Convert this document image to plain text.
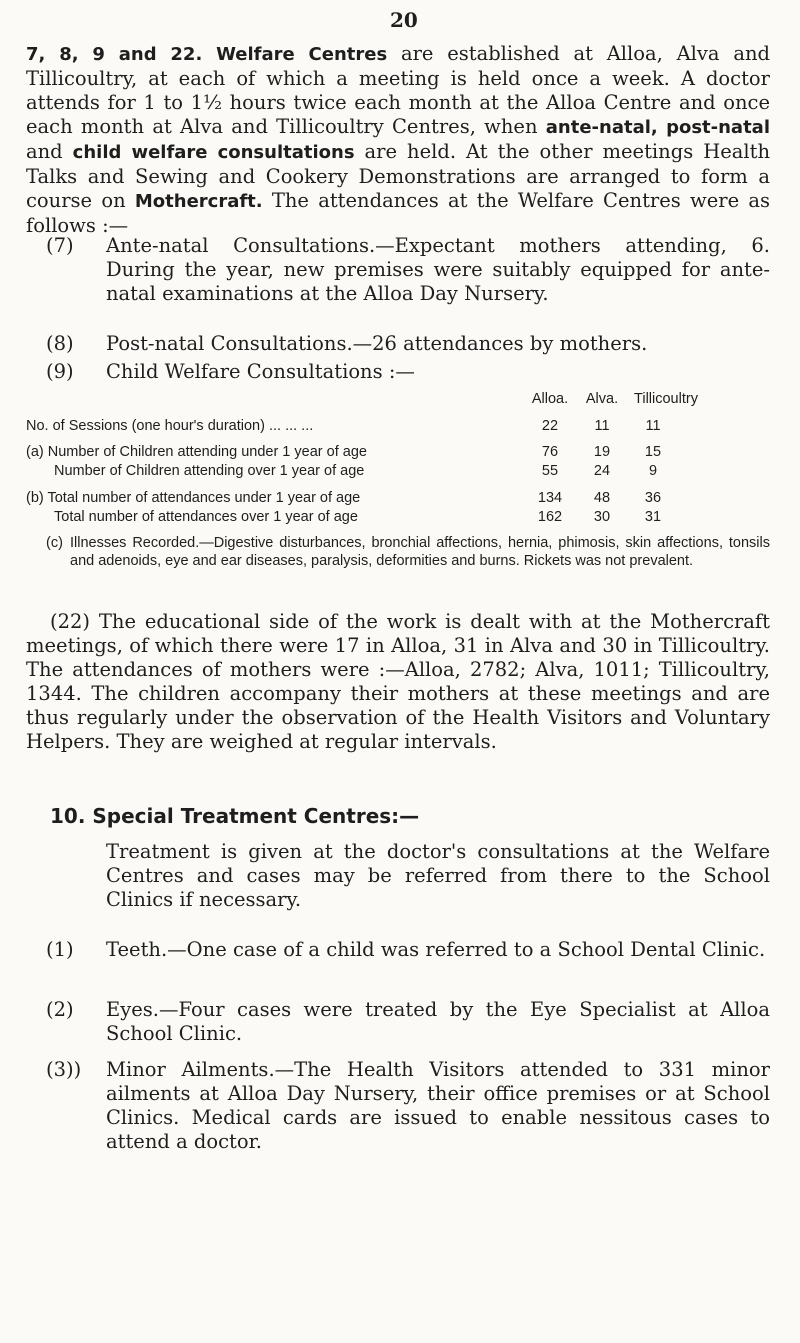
20
7, 8, 9 and 22. Welfare Centres are established at Alloa, Alva and Tillicoultry, at each of which a meeting is held once a week. A doctor attends for 1 to 1½ hours twice each month at the Alloa Centre and once each month at Alva and Tillicoultry Centres, when ante-natal, post-natal and child welfare consultations are held. At the other meetings Health Talks and Sewing and Cookery Demonstrations are arranged to form a course on Mothercraft. The attendances at the Welfare Centres were as follows :—
(7) Ante-natal Consultations.—Expectant mothers attending, 6. During the year, new premises were suitably equipped for ante-natal examinations at the Alloa Day Nursery.
(8) Post-natal Consultations.—26 attendances by mothers.
(9) Child Welfare Consultations :—
Alloa.	Alva.	Tillicoultry
No. of Sessions (one hour's duration) ... ... ...	22	11	11
(a) Number of Children attending under 1 year of age	76	19	15
Number of Children attending over 1 year of age	55	24	9
(b) Total number of attendances under 1 year of age	134	48	36
Total number of attendances over 1 year of age	162	30	31
(c) Illnesses Recorded.—Digestive disturbances, bronchial affections, hernia, phimosis, skin affections, tonsils and adenoids, eye and ear diseases, paralysis, deformities and burns. Rickets was not prevalent.
(22) The educational side of the work is dealt with at the Mothercraft meetings, of which there were 17 in Alloa, 31 in Alva and 30 in Tillicoultry. The attendances of mothers were :—Alloa, 2782; Alva, 1011; Tillicoultry, 1344. The children accompany their mothers at these meetings and are thus regularly under the observation of the Health Visitors and Voluntary Helpers. They are weighed at regular intervals.
10. Special Treatment Centres:—
Treatment is given at the doctor's consultations at the Welfare Centres and cases may be referred from there to the School Clinics if necessary.
(1) Teeth.—One case of a child was referred to a School Dental Clinic.
(2) Eyes.—Four cases were treated by the Eye Specialist at Alloa School Clinic.
(3)) Minor Ailments.—The Health Visitors attended to 331 minor ailments at Alloa Day Nursery, their office premises or at School Clinics. Medical cards are issued to enable nessitous cases to attend a doctor.
